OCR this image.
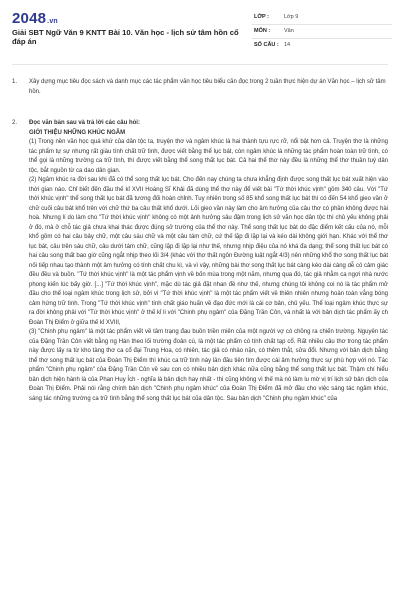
2048.vn
Giải SBT Ngữ Văn 9 KNTT Bài 10. Văn học - lịch sử tâm hồn cổ đáp án
LỚP :	Lớp 9
MÔN :	Văn
SỐ CÂU :	14
1. Xây dựng mục tiêu đọc sách và danh mục các tác phẩm văn học tiêu biểu cần đọc trong 2 tuần thực hiện dự án Văn học – lịch sử tâm hồn.

2. Đọc văn bản sau và trả lời các câu hỏi:

GIỚI THIỆU NHỮNG KHÚC NGÂM

(1) Trong nền văn học quá khứ của dân tộc ta, truyện thơ và ngâm khúc là hai thành tựu rực rỡ, nổi bật hơn cả. Truyện thơ là những tác phẩm tự sự nhưng rất giàu tính chất trữ tình, được viết bằng thể lục bát, còn ngâm khúc là những tác phẩm hoàn toàn trữ tình, có thể gọi là những trường ca trữ tình, thì được viết bằng thể song thất lục bát. Cả hai thể thơ này đều là những thể thơ thuần tuý dân tộc, bắt nguồn từ ca dao dân gian.

(2) Ngâm khúc ra đời sau khi đã có thể song thất lục bát. Cho đến nay chúng ta chưa khẳng định được song thất lục bát xuất hiện vào thời gian nào. Chỉ biết đến đầu thế kỉ XVII Hoàng Sĩ Khải đã dùng thể thơ này để viết bài "Tứ thời khúc vịnh" gồm 340 câu. Với "Tứ thời khúc vịnh" thể song thất lục bát đã tương đối hoàn chỉnh. Tuy nhiên trong số 85 khổ song thất lục bát thì có đến 54 khổ gieo vần ở chữ cuối câu bát khổ trên với chữ thứ ba câu thất khổ dưới. Lối gieo vần này làm cho âm hưởng của câu thơ có phần không được hài hoà. Nhưng lí do làm cho "Tứ thời khúc vịnh" không có một ảnh hưởng sâu đậm trong lịch sử văn học dân tộc thì chủ yếu không phải ở đó, mà ở chỗ tác giả chưa khai thác được đúng sở trường của thể thơ này. Thể song thất lục bát do đặc điểm kết cấu của nó, mỗi khổ gồm có hai câu bảy chữ, một câu sáu chữ và một câu tám chữ, cứ thế lặp đi lặp lại và kéo dài không giới hạn. Khác với thể thơ lục bát, câu trên sáu chữ, câu dưới tám chữ, cũng lặp đi lặp lại như thế, nhưng nhịp điệu của nó khá đa dạng; thể song thất lục bát có hai câu song thất bao giờ cũng ngắt nhịp theo lối 3/4 (khác với thơ thất ngôn Đường luật ngắt 4/3) nên những khổ thơ song thất lục bát nối tiếp nhau tạo thành một âm hưởng có tính chất chu kì, và vì vậy, những bài thơ song thất lục bát càng kéo dài càng dễ có cảm giác đều đều và buồn. "Tứ thời khúc vịnh" là một tác phẩm vịnh về bốn mùa trong một năm, nhưng qua đó, tác giả nhằm ca ngợi nhà nước phong kiến lúc bấy giờ. [...] "Tứ thời khúc vịnh", mặc dù tác giả đặt nhan đề như thế, nhưng chúng tôi không coi nó là tác phẩm mở đầu cho thể loại ngâm khúc trong lịch sử, bởi vì "Tứ thời khúc vịnh" là một tác phẩm viết về thiên nhiên nhưng hoàn toàn vắng bóng cảm hứng trữ tình. Trong "Tứ thời khúc vịnh" tính chất giáo huấn về đạo đức mới là cái cơ bản, chủ yếu. Thể loại ngâm khúc thực sự ra đời không phải với "Tứ thời khúc vịnh" ở thế kỉ li với "Chinh phụ ngâm" của Đặng Trần Côn, và nhất là với bản dịch tác phẩm ấy ch Đoàn Thị Điểm ở giữa thế kỉ XVIII,

(3) "Chinh phụ ngâm" là một tác phẩm viết về tâm trạng đau buồn triền miên của một người vợ có chồng ra chiến trường. Nguyên tác của Đặng Trần Côn viết bằng ng Hán theo lối trường đoản cú, là một tác phẩm có tính chất tạp cổ. Rất nhiều câu thơ trong tác phẩm này được lấy ra từ kho tàng thơ ca cổ đại Trung Hoa, có nhiên, tác giả có nhào nặn, có thêm thắt, sửa đổi. Nhưng với bản dịch bằng thể thơ song thất lục bát của Đoàn Thị Điểm thì khúc ca trữ tình này lần đầu tiên tìm được cái âm hưởng thực sự phù hợp với nó. Tác phẩm "Chinh phụ ngâm" của Đặng Trần Côn về sau con có nhiều bản dịch khác nữa cũng bằng thể song thất lục bát. Thậm chí hiểu bản dịch hiện hành là của Phan Huy Ích - nghĩa là bản dịch hay nhất - thì cũng không vì thế mà nó làm lu mờ vị trí lịch sử bản dịch của Đoàn Thị Điểm. Phải nói rằng chính bản dịch "Chinh phụ ngâm khúc" của Đoàn Thị Điểm đã mở đầu cho việc sáng tác ngâm khúc, sáng tác những trường ca trữ tình bằng thể song thất lục bát của dân tộc. Sau bản dịch "Chinh phụ ngâm khúc" của
